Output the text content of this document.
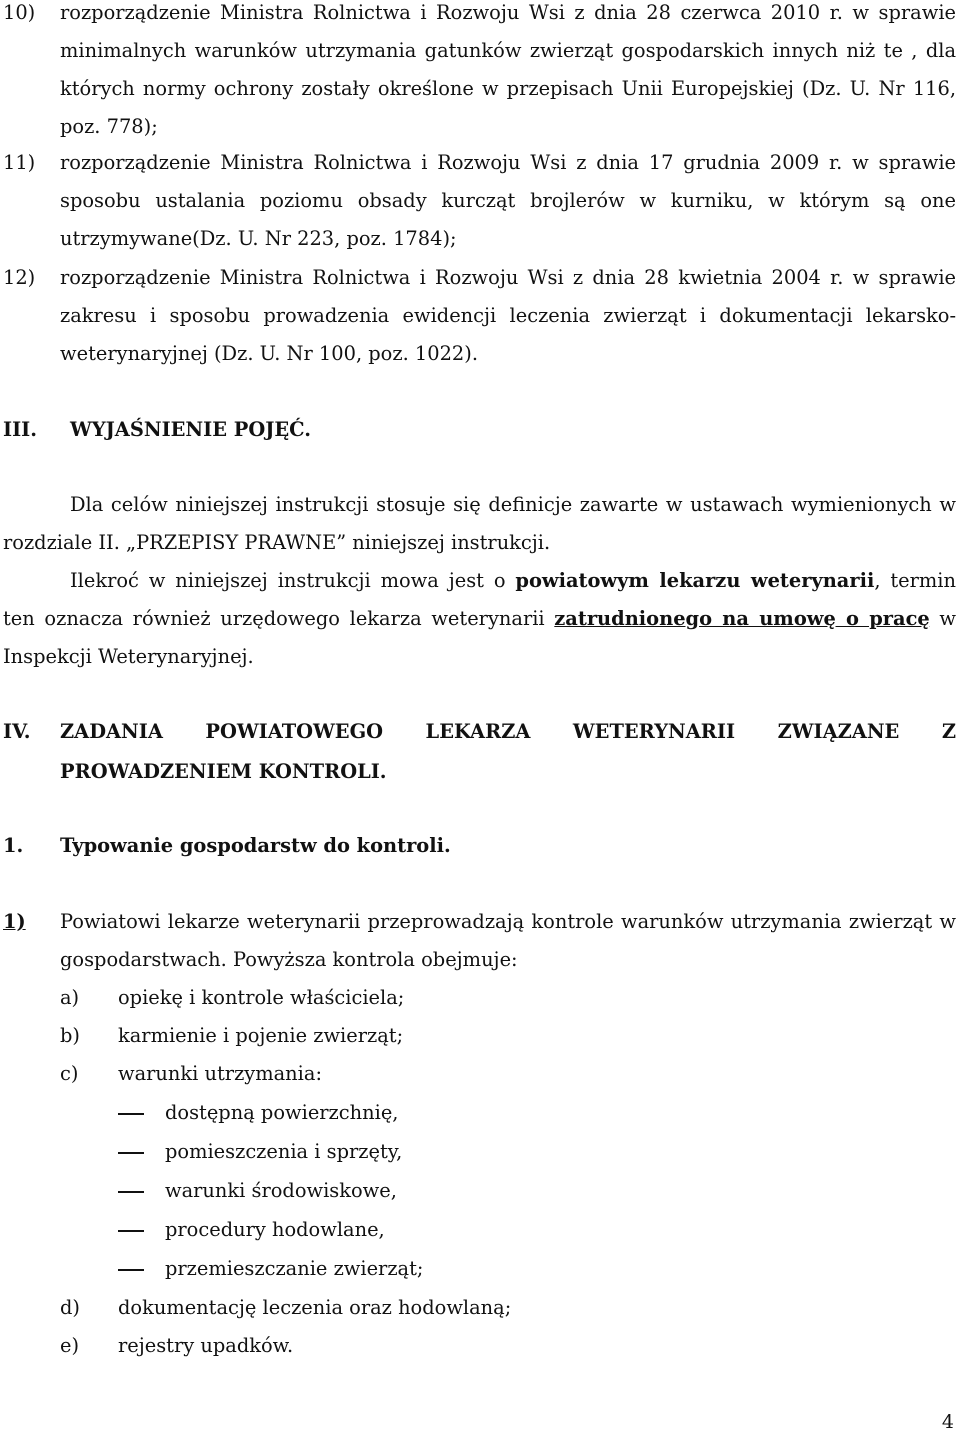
10) rozporządzenie Ministra Rolnictwa i Rozwoju Wsi z dnia 28 czerwca 2010 r. w sprawie minimalnych warunków utrzymania gatunków zwierząt gospodarskich innych niż te , dla których normy ochrony zostały określone w przepisach Unii Europejskiej (Dz. U. Nr 116, poz. 778);
11) rozporządzenie Ministra Rolnictwa i Rozwoju Wsi z dnia 17 grudnia 2009 r. w sprawie sposobu ustalania poziomu obsady kurcząt brojlerów w kurniku, w którym są one utrzymywane(Dz. U. Nr 223, poz. 1784);
12) rozporządzenie Ministra Rolnictwa i Rozwoju Wsi z dnia 28 kwietnia 2004 r. w sprawie zakresu i sposobu prowadzenia ewidencji leczenia zwierząt i dokumentacji lekarsko-weterynaryjnej (Dz. U. Nr 100, poz. 1022).
III. WYJAŚNIENIE POJĘĆ.
Dla celów niniejszej instrukcji stosuje się definicje zawarte w ustawach wymienionych w rozdziale II. „PRZEPISY PRAWNE” niniejszej instrukcji.
Ilekroć w niniejszej instrukcji mowa jest o powiatowym lekarzu weterynarii, termin ten oznacza również urzędowego lekarza weterynarii zatrudnionego na umowę o pracę w Inspekcji Weterynaryjnej.
IV. ZADANIA POWIATOWEGO LEKARZA WETERYNARII ZWIĄZANE Z PROWADZENIEM KONTROLI.
1. Typowanie gospodarstw do kontroli.
1) Powiatowi lekarze weterynarii przeprowadzają kontrole warunków utrzymania zwierząt w gospodarstwach. Powyższa kontrola obejmuje:
a) opiekę i kontrole właściciela;
b) karmienie i pojenie zwierząt;
c) warunki utrzymania:
dostępną powierzchnię,
pomieszczenia i sprzęty,
warunki środowiskowe,
procedury hodowlane,
przemieszczanie zwierząt;
d) dokumentację leczenia oraz hodowlaną;
e) rejestry upadków.
4
